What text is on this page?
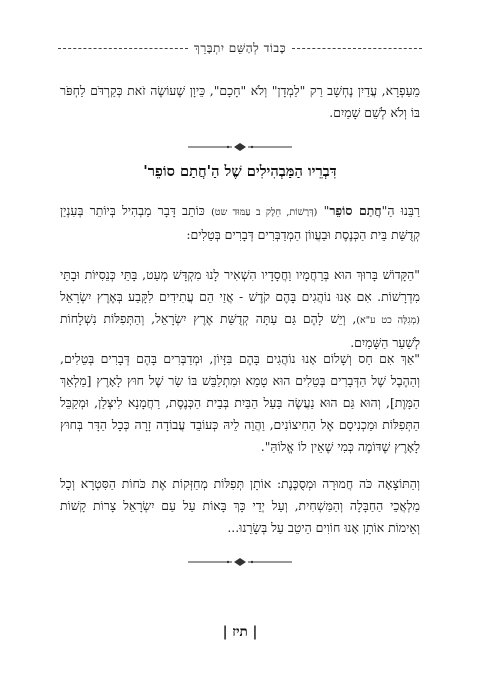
כָּבוֹד לְהַשֵּׁם יִתְבָּרֵךְ
מֵעַפְרָא, עֲדַיִן נֶחְשָׁב רַק "לַמְדָן" וְלֹא "חָכָם", כֵּיוָן שֶׁעוֹשֶׂה זֹאת כְּקַרְדֹּם לַחְפֹּר בּוֹ וְלֹא לְשֵׁם שָׁמַיִם.
דִּבְרֵיו הַמַּבְהִילִים שֶׁל הַ'חֲתַם סוֹפֵר'
רַבֵּנוּ הַ"חֲתַם סוֹפֵר" (דְּרָשׁוֹת, חֵלֶק ב עַמּוּד שט) כּוֹתֵב דָּבָר מַבְהִיל בְּיוֹתֵר בְּעִנְיַן קְדֻשַּׁת בֵּית הַכְּנֶסֶת וּבַעֲווֹן הַמְדַבְּרִים דְּבָרִים בְּטֵלִים:
"הַקָּדוֹשׁ בָּרוּךְ הוּא בְּרַחֲמָיו וַחֲסָדָיו הִשְׁאִיר לָנוּ מִקְדָּשׁ מְעַט, בָּתֵּי כְּנֵסִיּוֹת וּבָתֵּי מִדְרָשׁוֹת. אִם אָנוּ נוֹהֲגִים בָּהֶם קֹדֶשׁ - אֲזַי הֵם עֲתִידִים לִקָּבַע בְּאֶרֶץ יִשְׂרָאֵל (מְגִלָּה כט ע"א), וְיֵשׁ לָהֶם גַּם עַתָּה קְדֻשַּׁת אֶרֶץ יִשְׂרָאֵל, וְהַתְּפִלּוֹת נִשְׁלָחוֹת לְשַׁעַר הַשָּׁמַיִם.
"אַךְ אִם חַס וְשָׁלוֹם אָנוּ נוֹהֲגִים בָּהֶם בִּזָּיוֹן, וּמְדַבְּרִים בָּהֶם דְּבָרִים בְּטֵלִים, וְהַהֶבֶל שֶׁל הַדְּבָרִים בְּטֵלִים הוּא טָמֵא וּמִתְלַבֵּשׁ בּוֹ שַׂר שֶׁל חוּץ לָאָרֶץ [מַלְאַךְ הַמָּוֶת], וְהוּא גַּם הוּא נַעֲשֶׂה בַּעַל הַבַּיִת בְּבֵית הַכְּנֶסֶת, רַחֲמָנָא לִיצְּלַן, וּמְקַבֵּל הַתְּפִלּוֹת וּמַכְנִיסָם אֶל הַחִיצוֹנִים, וַהֲוֵה לֵיהּ כְּעוֹבֵד עֲבוֹדָה זָרָה כְּכָל הַדָּר בְּחוּץ לָאָרֶץ שֶׁדּוֹמֶה כְּמִי שֶׁאֵין לוֹ אֱלוֹהַּ".
וְהַתּוֹצָאָה כֹּה חֲמוּרָה וּמְסֻכֶּנֶת: אוֹתָן תְּפִלּוֹת מְחַזְּקוֹת אֶת כֹּחוֹת הַסִּטְרָא וְכָל מַלְאֲכֵי הַחַבָּלָה וְהַמַּשְׁחִית, וְעַל יְדֵי כָּךְ בָּאוֹת עַל עַם יִשְׂרָאֵל צָרוֹת קָשׁוֹת וְאֵימוֹת אוֹתָן אָנוּ חוֹוִים הֵיטֵב עַל בְּשָׂרֵנוּ...
| תיז |
